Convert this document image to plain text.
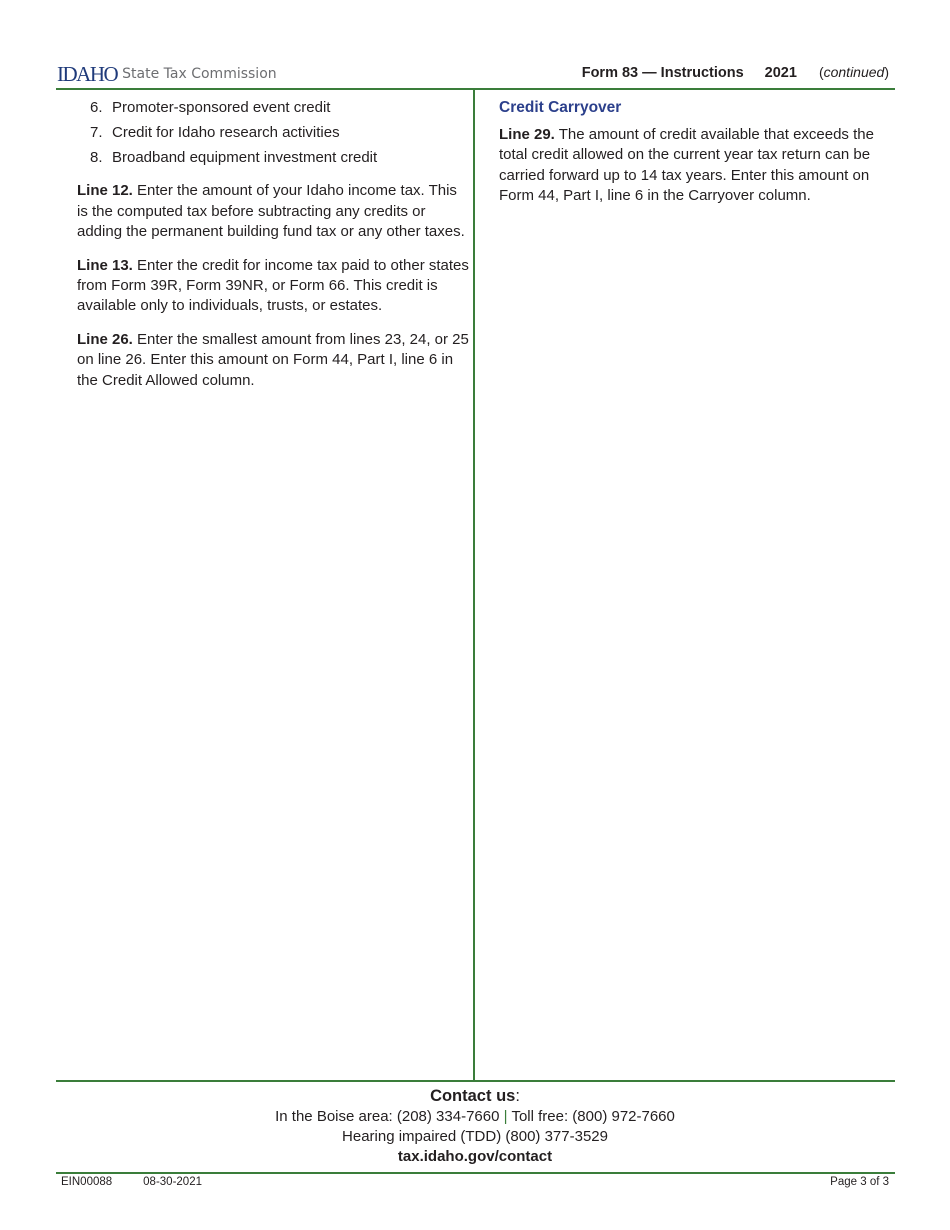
IDAHO State Tax Commission	Form 83 — Instructions 2021 (continued)
6. Promoter-sponsored event credit
7. Credit for Idaho research activities
8. Broadband equipment investment credit

Line 12. Enter the amount of your Idaho income tax. This is the computed tax before subtracting any credits or adding the permanent building fund tax or any other taxes.

Line 13. Enter the credit for income tax paid to other states from Form 39R, Form 39NR, or Form 66. This credit is available only to individuals, trusts, or estates.

Line 26. Enter the smallest amount from lines 23, 24, or 25 on line 26. Enter this amount on Form 44, Part I, line 6 in the Credit Allowed column.

Credit Carryover

Line 29. The amount of credit available that exceeds the total credit allowed on the current year tax return can be carried forward up to 14 tax years. Enter this amount on Form 44, Part I, line 6 in the Carryover column.

Contact us:
In the Boise area: (208) 334-7660 | Toll free: (800) 972-7660
Hearing impaired (TDD) (800) 377-3529
tax.idaho.gov/contact
EIN00088	08-30-2021	Page 3 of 3
